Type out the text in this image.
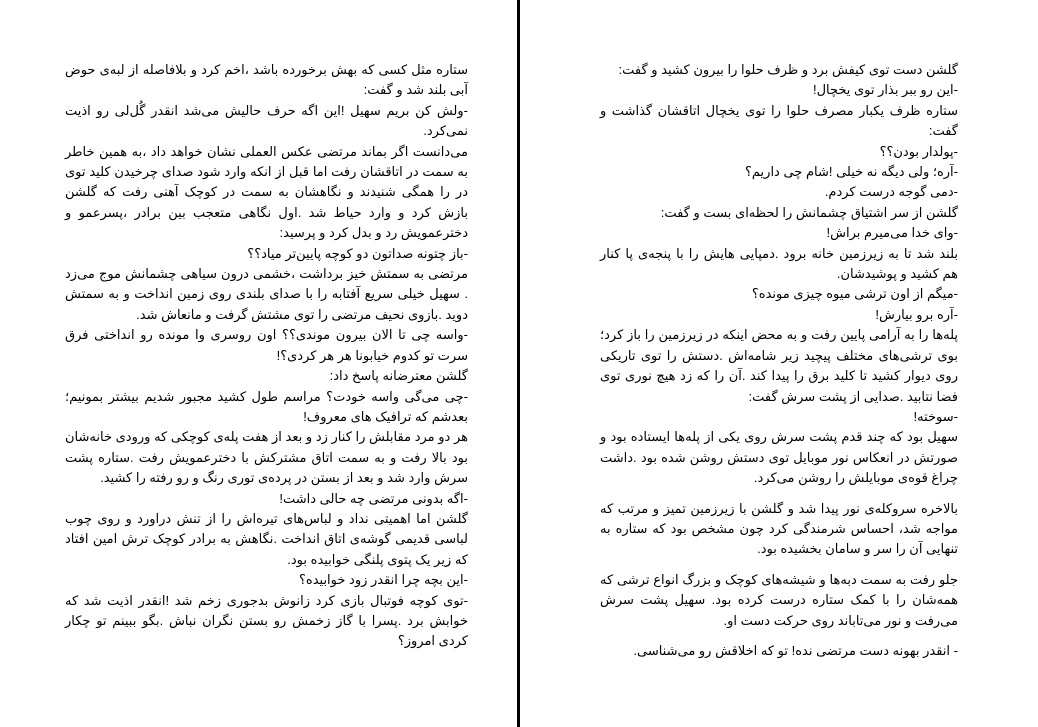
ستاره مثل کسی که بهش برخورده باشد ،اخم کرد و بلافاصله از لبه‌ی حوض آبی بلند شد و گفت:
-ولش کن بریم سهیل !این اگه حرف حالیش می‌شد انقدر گُل‌لی رو اذیت نمی‌کرد.
می‌دانست اگر بماند مرتضی عکس العملی نشان خواهد داد ،به همین خاطر به سمت در اتاقشان رفت اما قبل از انکه وارد شود صدای چرخیدن کلید توی در را همگی شنیدند و نگاهشان به سمت در کوچک آهنی رفت که گلشن بازش کرد و وارد حیاط شد .اول نگاهی متعجب بین برادر ،پسرعمو و دخترعمویش رد و بدل کرد و پرسید:
-باز چتونه صداتون دو کوچه پایین‌تر میاد؟؟
مرتضی به سمتش خیز برداشت ،خشمی درون سیاهی چشمانش موج می‌زد . سهیل خیلی سریع آفتابه را با صدای بلندی روی زمین انداخت و به سمتش دوید .بازوی نحیف مرتضی را توی مشتش گرفت و مانعاش شد.
-واسه چی تا الان بیرون موندی؟؟ اون روسری وا مونده رو انداختی فرق سرت تو کدوم خیابونا هر هر کردی؟!
گلشن معترضانه پاسخ داد:
-چی می‌گی واسه خودت؟ مراسم طول کشید مجبور شدیم بیشتر بمونیم؛ بعدشم که ترافیک های معروف!
هر دو مرد مقابلش را کنار زد و بعد از هفت پله‌ی کوچکی که ورودی خانه‌شان بود بالا رفت و به سمت اتاق مشترکش با دخترعمویش رفت .ستاره پشت سرش وارد شد و بعد از بستن در پرده‌ی توری رنگ و رو رفته را کشید.
-اگه بدونی مرتضی چه حالی داشت!
گلشن اما اهمیتی نداد و لباس‌های تیره‌اش را از تنش دراورد و روی چوب لباسی قدیمی گوشه‌ی اتاق انداخت .نگاهش به برادر کوچک ترش امین افتاد که زیر یک پتوی پلنگی خوابیده بود.
-این بچه چرا انقدر زود خوابیده؟
-توی کوچه فوتبال بازی کرد زانوش بدجوری زخم شد !انقدر اذیت شد که خوابش برد .پسرا با گاز زخمش رو بستن نگران نباش .بگو ببینم تو چکار کردی امروز؟
گلشن دست توی کیفش برد و ظرف حلوا را بیرون کشید و گفت:
-این رو ببر بذار توی یخچال!
ستاره ظرف یکبار مصرف حلوا را توی یخچال اتاقشان گذاشت و گفت:
-پولدار بودن؟؟
-آره؛ ولی دیگه نه خیلی !شام چی داریم؟
-دمی گوجه درست کردم.
گلشن از سر اشتیاق چشمانش را لحظه‌ای بست و گفت:
-وای خدا می‌میرم براش!
بلند شد تا به زیرزمین خانه برود .دمپایی هایش را با پنجه‌ی پا کنار هم کشید و پوشیدشان.
-میگم از اون ترشی میوه چیزی مونده؟
-آره برو بیارش!
پله‌ها را به آرامی پایین رفت و به محض اینکه در زیرزمین را باز کرد؛ بوی ترشی‌های مختلف پیچید زیر شامه‌اش .دستش را توی تاریکی روی دیوار کشید تا کلید برق را پیدا کند .آن را که زد هیچ نوری توی فضا نتابید .صدایی از پشت سرش گفت:
-سوخته!
سهیل بود که چند قدم پشت سرش روی یکی از پله‌ها ایستاده بود و صورتش در انعکاس نور موبایل توی دستش روشن شده بود .داشت چراغ قوه‌ی موبایلش را روشن می‌کرد.
بالاخره سروکله‌ی نور پیدا شد و گلشن با زیرزمین تمیز و مرتب که مواجه شد، احساس شرمندگی کرد چون مشخص بود که ستاره به تنهایی آن را سر و سامان بخشیده بود.
جلو رفت به سمت دبه‌ها و شیشه‌های کوچک و بزرگ انواع ترشی که همه‌شان را با کمک ستاره درست کرده بود. سهیل پشت سرش می‌رفت و نور می‌تاباند روی حرکت دست او.
- انقدر بهونه دست مرتضی نده! تو که اخلاقش رو می‌شناسی.
